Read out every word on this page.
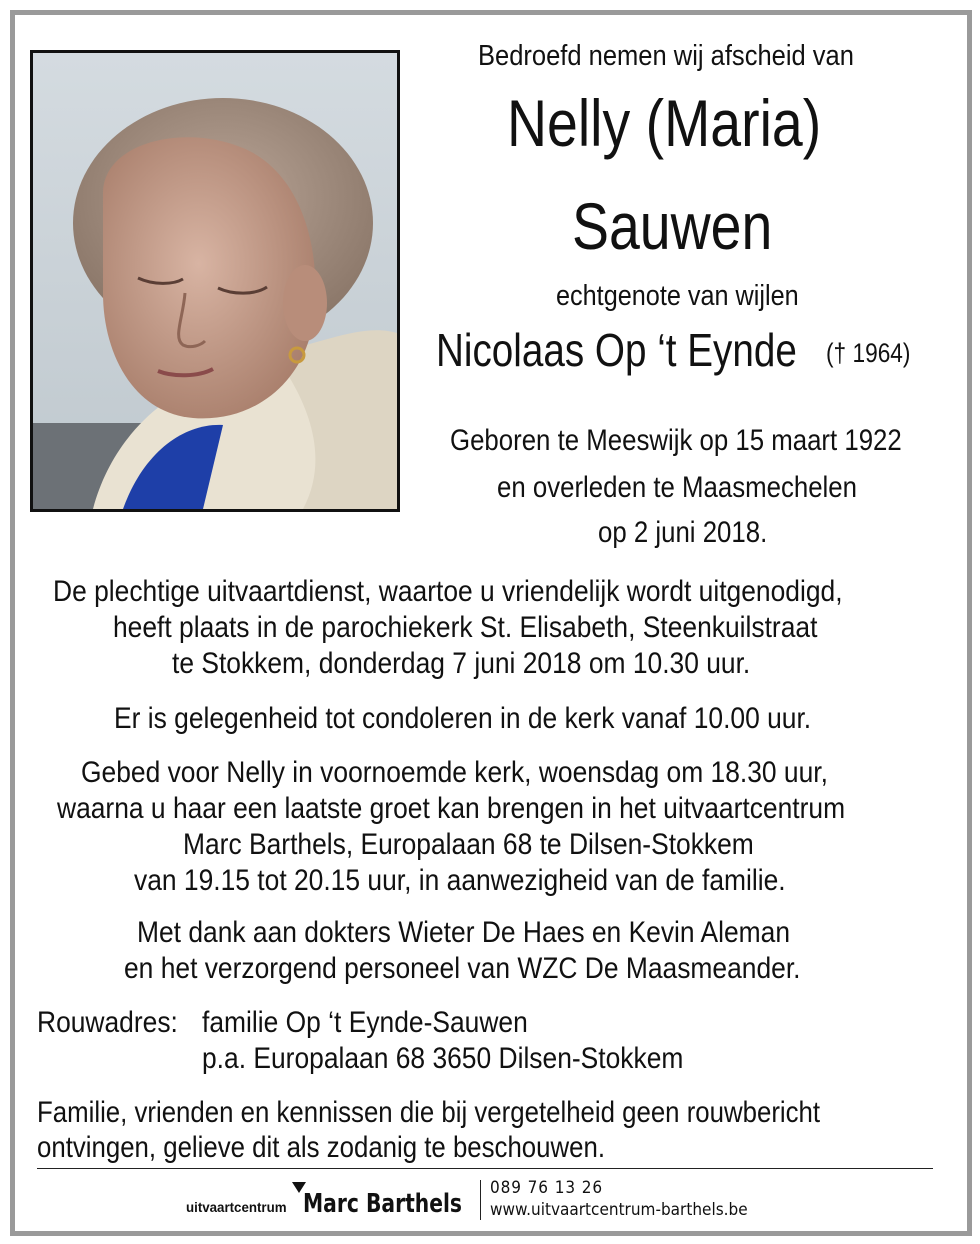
Bedroefd nemen wij afscheid van
Nelly (Maria)
Sauwen
echtgenote van wijlen
Nicolaas Op ‘t Eynde († 1964)
Geboren te Meeswijk op 15 maart 1922
en overleden te Maasmechelen
op 2 juni 2018.
De plechtige uitvaartdienst, waartoe u vriendelijk wordt uitgenodigd,
heeft plaats in de parochiekerk St. Elisabeth, Steenkuilstraat
te Stokkem, donderdag 7 juni 2018 om 10.30 uur.
Er is gelegenheid tot condoleren in de kerk vanaf 10.00 uur.
Gebed voor Nelly in voornoemde kerk, woensdag om 18.30 uur,
waarna u haar een laatste groet kan brengen in het uitvaartcentrum
Marc Barthels, Europalaan 68 te Dilsen-Stokkem
van 19.15 tot 20.15 uur, in aanwezigheid van de familie.
Met dank aan dokters Wieter De Haes en Kevin Aleman
en het verzorgend personeel van WZC De Maasmeander.
Rouwadres: familie Op ‘t Eynde-Sauwen
p.a. Europalaan 68 3650 Dilsen-Stokkem
Familie, vrienden en kennissen die bij vergetelheid geen rouwbericht
ontvingen, gelieve dit als zodanig te beschouwen.
uitvaartcentrum Marc Barthels
089 76 13 26
www.uitvaartcentrum-barthels.be
